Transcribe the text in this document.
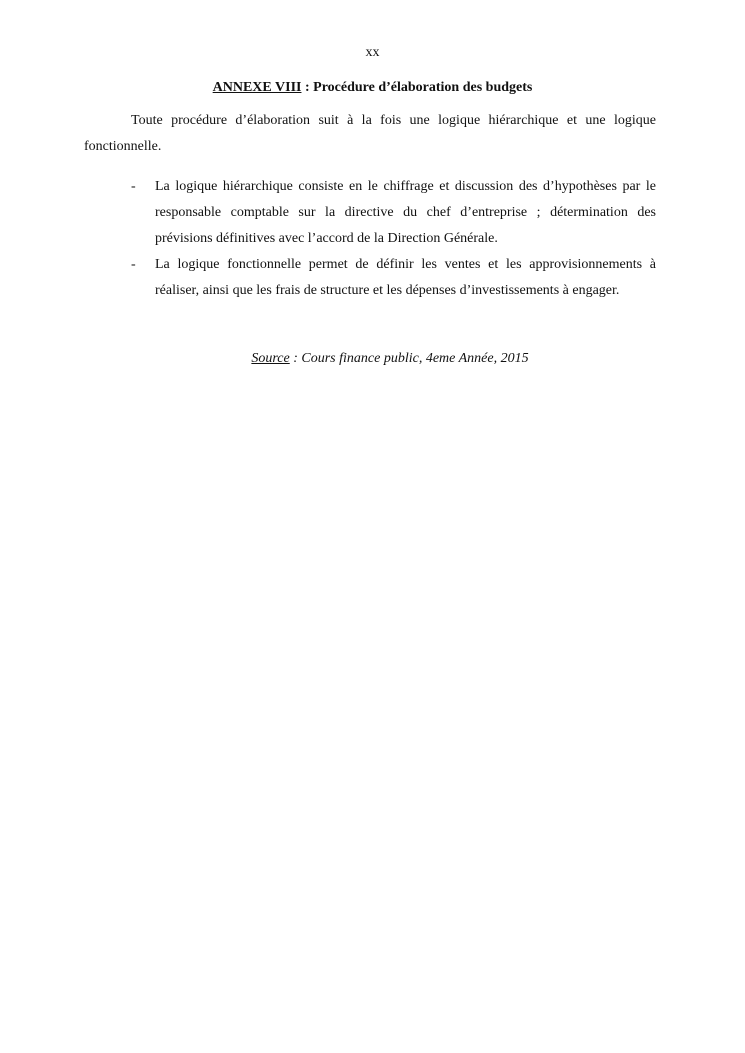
xx
ANNEXE VIII : Procédure d’élaboration des budgets

Toute procédure d’élaboration suit à la fois une logique hiérarchique et une logique fonctionnelle.

- La logique hiérarchique consiste en le chiffrage et discussion des d’hypothèses par le responsable comptable sur la directive du chef d’entreprise ; détermination des prévisions définitives avec l’accord de la Direction Générale.
- La logique fonctionnelle permet de définir les ventes et les approvisionnements à réaliser, ainsi que les frais de structure et les dépenses d’investissements à engager.
Source : Cours finance public, 4eme Année, 2015
